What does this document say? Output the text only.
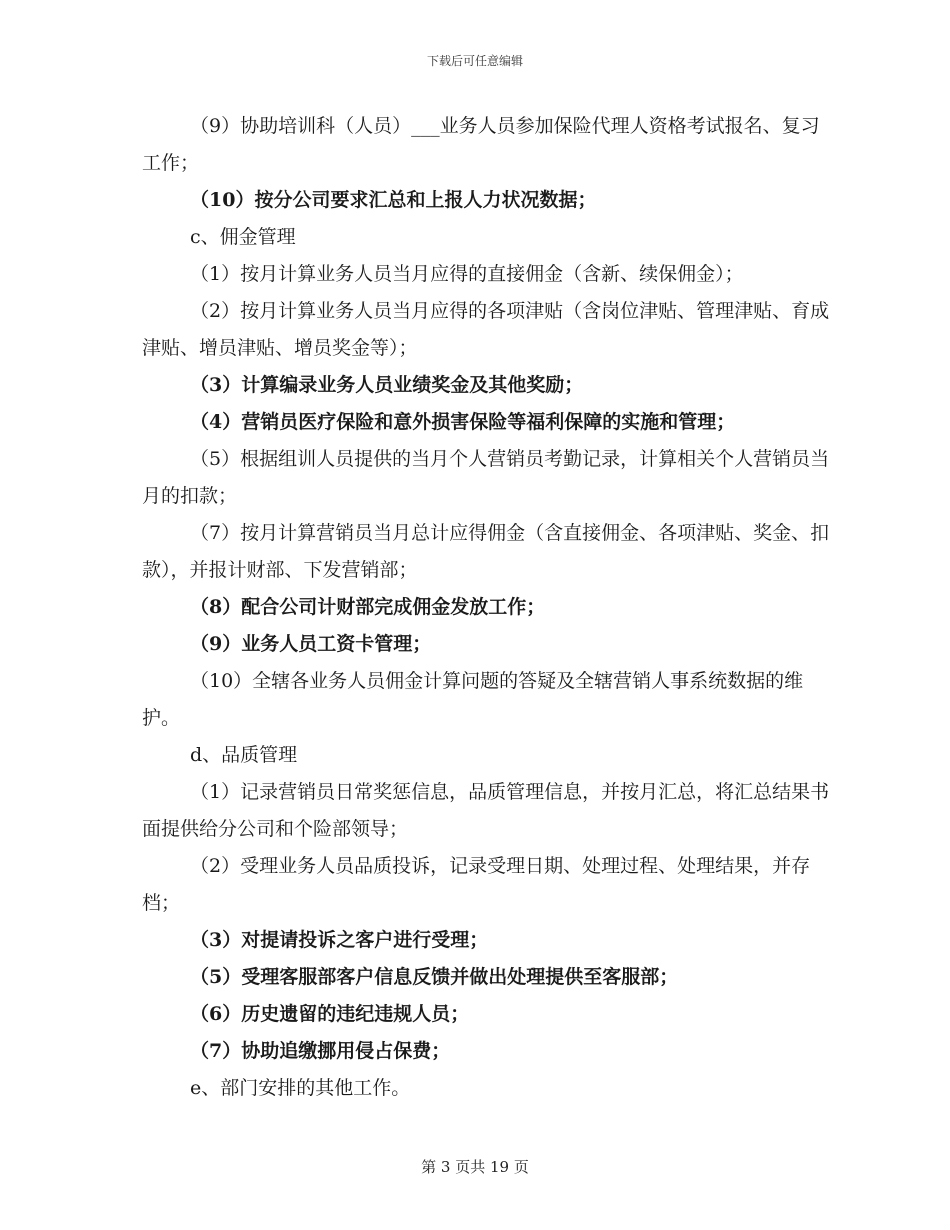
下载后可任意编辑

（9）协助培训科（人员）___业务人员参加保险代理人资格考试报名、复习工作；

（10）按分公司要求汇总和上报人力状况数据；

c、佣金管理

（1）按月计算业务人员当月应得的直接佣金（含新、续保佣金）；

（2）按月计算业务人员当月应得的各项津贴（含岗位津贴、管理津贴、育成津贴、增员津贴、增员奖金等）；

（3）计算编录业务人员业绩奖金及其他奖励；

（4）营销员医疗保险和意外损害保险等福利保障的实施和管理；

（5）根据组训人员提供的当月个人营销员考勤记录，计算相关个人营销员当月的扣款；

（7）按月计算营销员当月总计应得佣金（含直接佣金、各项津贴、奖金、扣款），并报计财部、下发营销部；

（8）配合公司计财部完成佣金发放工作；

（9）业务人员工资卡管理；

（10）全辖各业务人员佣金计算问题的答疑及全辖营销人事系统数据的维护。

d、品质管理

（1）记录营销员日常奖惩信息，品质管理信息，并按月汇总，将汇总结果书面提供给分公司和个险部领导；

（2）受理业务人员品质投诉，记录受理日期、处理过程、处理结果，并存档；

（3）对提请投诉之客户进行受理；

（5）受理客服部客户信息反馈并做出处理提供至客服部；

（6）历史遗留的违纪违规人员；

（7）协助追缴挪用侵占保费；

e、部门安排的其他工作。

第 3 页共 19 页
